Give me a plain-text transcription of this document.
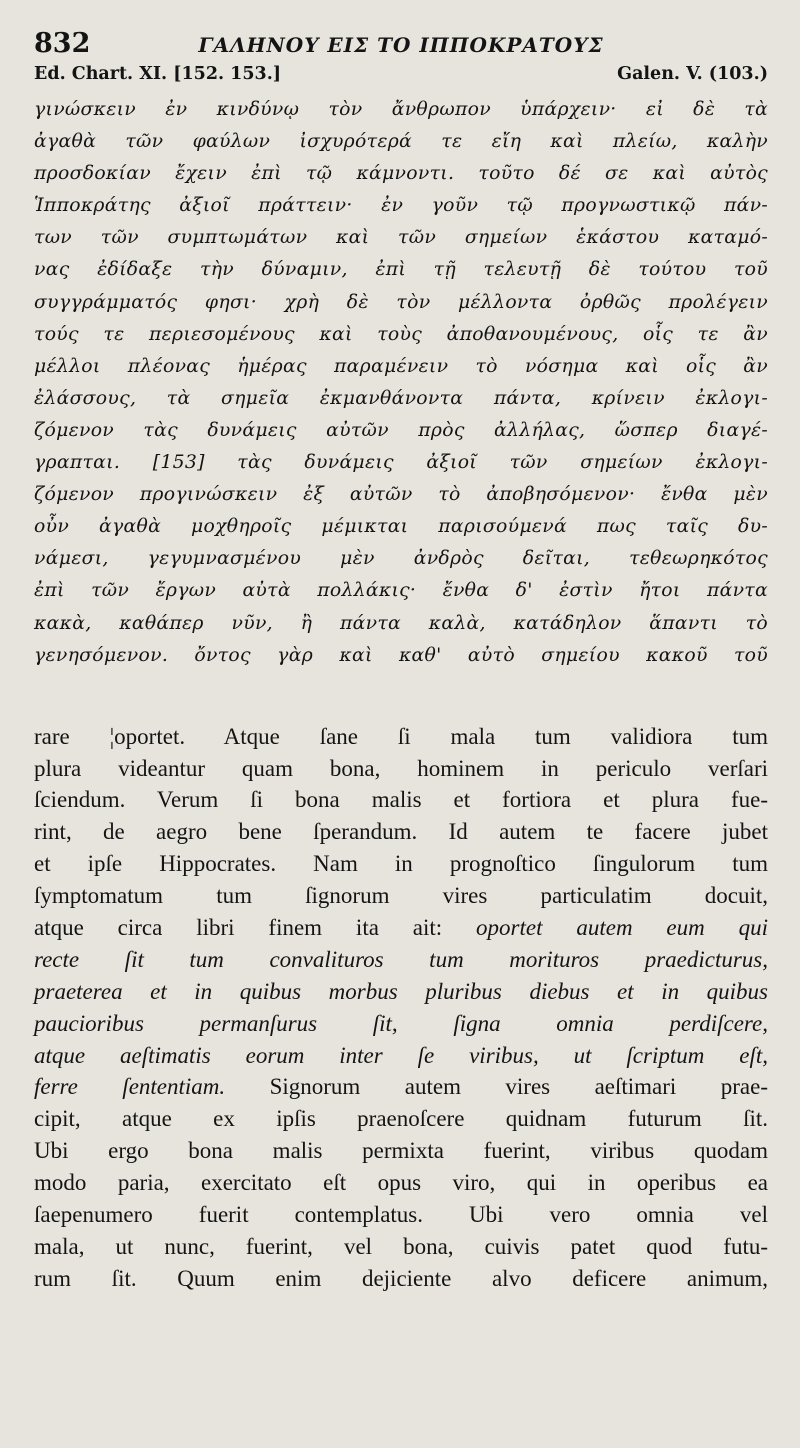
832	ΓΑΛΗΝΟΥ ΕΙΣ ΤΟ ΙΠΠΟΚΡΑΤΟΥΣ
Ed. Chart. XI. [152. 153.]	Galen. V. (103.)
γινώσκειν ἐν κινδύνῳ τὸν ἄνθρωπον ὑπάρχειν· εἰ δὲ τὰ
ἀγαθὰ τῶν φαύλων ἰσχυρότερά τε εἴη καὶ πλείω, καλὴν
προσδοκίαν ἔχειν ἐπὶ τῷ κάμνοντι. τοῦτο δέ σε καὶ αὐτὸς
Ἱπποκράτης ἀξιοῖ πράττειν· ἐν γοῦν τῷ προγνωστικῷ πάν-
των τῶν συμπτωμάτων καὶ τῶν σημείων ἑκάστου καταμό-
νας ἐδίδαξε τὴν δύναμιν, ἐπὶ τῇ τελευτῇ δὲ τούτου τοῦ
συγγράμματός φησι· χρὴ δὲ τὸν μέλλοντα ὀρθῶς προλέγειν
τούς τε περιεσομένους καὶ τοὺς ἀποθανουμένους, οἷς τε ἂν
μέλλοι πλέονας ἡμέρας παραμένειν τὸ νόσημα καὶ οἷς ἂν
ἐλάσσους, τὰ σημεῖα ἐκμανθάνοντα πάντα, κρίνειν ἐκλογι-
ζόμενον τὰς δυνάμεις αὐτῶν πρὸς ἀλλήλας, ὥσπερ διαγέ-
γραπται. [153] τὰς δυνάμεις ἀξιοῖ τῶν σημείων ἐκλογι-
ζόμενον προγινώσκειν ἐξ αὐτῶν τὸ ἀποβησόμενον· ἔνθα μὲν
οὖν ἀγαθὰ μοχθηροῖς μέμικται παρισούμενά πως ταῖς δυ-
νάμεσι, γεγυμνασμένου μὲν ἀνδρὸς δεῖται, τεθεωρηκότος
ἐπὶ τῶν ἔργων αὐτὰ πολλάκις· ἔνθα δ' ἐστὶν ἤτοι πάντα
κακὰ, καθάπερ νῦν, ἢ πάντα καλὰ, κατάδηλον ἅπαντι τὸ
γενησόμενον. ὄντος γὰρ καὶ καθ' αὐτὸ σημείου κακοῦ τοῦ
rare ¦oportet. Atque ſane ſi mala tum validiora tum
plura videantur quam bona, hominem in periculo verſari
ſciendum. Verum ſi bona malis et fortiora et plura fue-
rint, de aegro bene ſperandum. Id autem te facere jubet
et ipſe Hippocrates. Nam in prognoſtico ſingulorum tum
ſymptomatum tum ſignorum vires particulatim docuit,
atque circa libri finem ita ait: oportet autem eum qui
recte ſit tum convalituros tum morituros praedicturus,
praeterea et in quibus morbus pluribus diebus et in quibus
paucioribus permanſurus ſit, ſigna omnia perdiſcere,
atque aeſtimatis eorum inter ſe viribus, ut ſcriptum eſt,
ferre ſententiam. Signorum autem vires aeſtimari prae-
cipit, atque ex ipſis praenoſcere quidnam futurum ſit.
Ubi ergo bona malis permixta fuerint, viribus quodam
modo paria, exercitato eſt opus viro, qui in operibus ea
ſaepenumero fuerit contemplatus. Ubi vero omnia vel
mala, ut nunc, fuerint, vel bona, cuivis patet quod futu-
rum ſit. Quum enim dejiciente alvo deficere animum,
